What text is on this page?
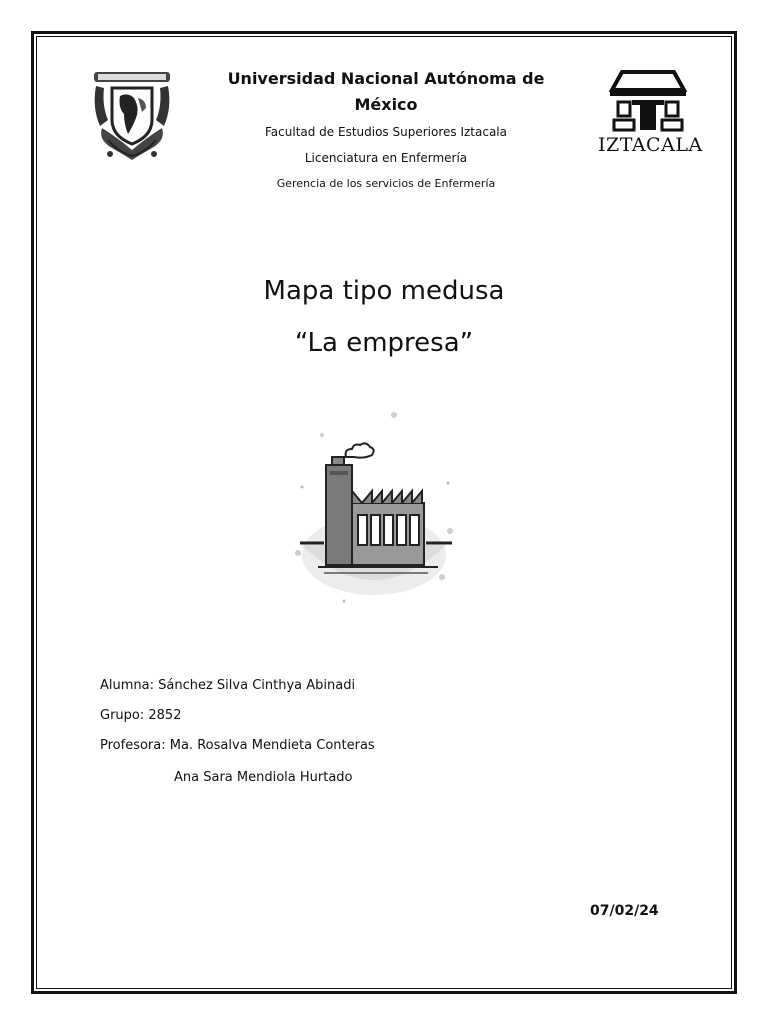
IZTACALA
Universidad Nacional Autónoma de México
Facultad de Estudios Superiores Iztacala
Licenciatura en Enfermería
Gerencia de los servicios de Enfermería
Mapa tipo medusa
“La empresa”
Alumna: Sánchez Silva Cinthya Abinadi
Grupo: 2852
Profesora: Ma. Rosalva Mendieta Conteras
Ana Sara Mendiola Hurtado
07/02/24
